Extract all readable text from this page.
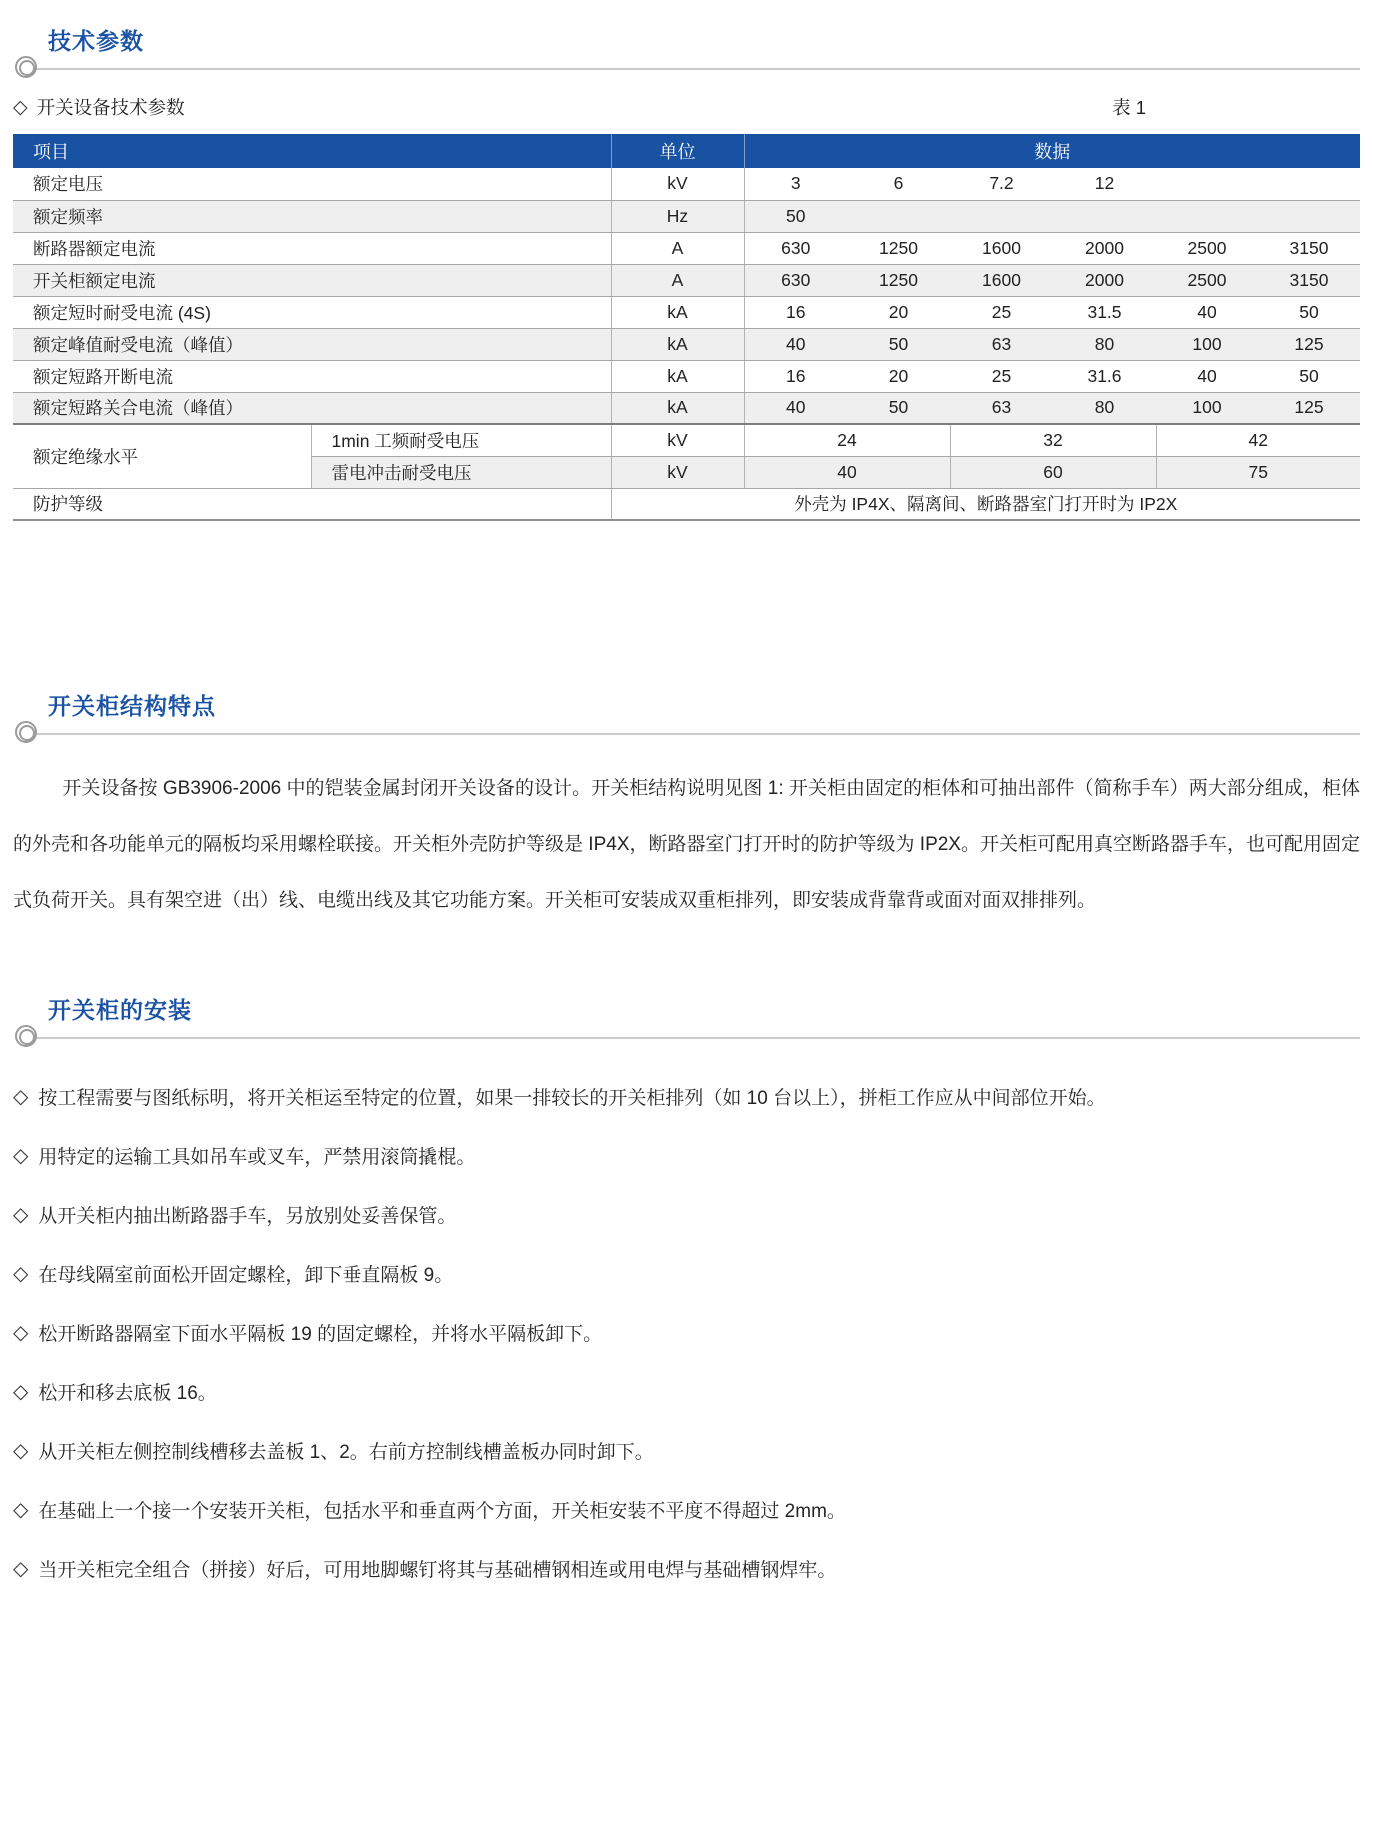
技术参数
◇ 开关设备技术参数	表 1
项目		单位	数据					
额定电压		kV	3	6	7.2	12		
额定频率		Hz	50					
断路器额定电流		A	630	1250	1600	2000	2500	3150
开关柜额定电流		A	630	1250	1600	2000	2500	3150
额定短时耐受电流 (4S)		kA	16	20	25	31.5	40	50
额定峰值耐受电流（峰值）		kA	40	50	63	80	100	125
额定短路开断电流		kA	16	20	25	31.6	40	50
额定短路关合电流（峰值）		kA	40	50	63	80	100	125
额定绝缘水平	1min 工频耐受电压	kV	24		32		42	
	雷电冲击耐受电压	kV	40		60		75	
防护等级		外壳为 IP4X、隔离间、断路器室门打开时为 IP2X						
开关柜结构特点

开关设备按 GB3906-2006 中的铠装金属封闭开关设备的设计。开关柜结构说明见图 1: 开关柜由固定的柜体和可抽出部件（简称手车）两大部分组成，柜体的外壳和各功能单元的隔板均采用螺栓联接。开关柜外壳防护等级是 IP4X，断路器室门打开时的防护等级为 IP2X。开关柜可配用真空断路器手车，也可配用固定式负荷开关。具有架空进（出）线、电缆出线及其它功能方案。开关柜可安装成双重柜排列，即安装成背靠背或面对面双排排列。

开关柜的安装
◇ 按工程需要与图纸标明，将开关柜运至特定的位置，如果一排较长的开关柜排列（如 10 台以上），拼柜工作应从中间部位开始。
◇ 用特定的运输工具如吊车或叉车，严禁用滚筒撬棍。
◇ 从开关柜内抽出断路器手车，另放别处妥善保管。
◇ 在母线隔室前面松开固定螺栓，卸下垂直隔板 9。
◇ 松开断路器隔室下面水平隔板 19 的固定螺栓，并将水平隔板卸下。
◇ 松开和移去底板 16。
◇ 从开关柜左侧控制线槽移去盖板 1、2。右前方控制线槽盖板办同时卸下。
◇ 在基础上一个接一个安装开关柜，包括水平和垂直两个方面，开关柜安装不平度不得超过 2mm。
◇ 当开关柜完全组合（拼接）好后，可用地脚螺钉将其与基础槽钢相连或用电焊与基础槽钢焊牢。
